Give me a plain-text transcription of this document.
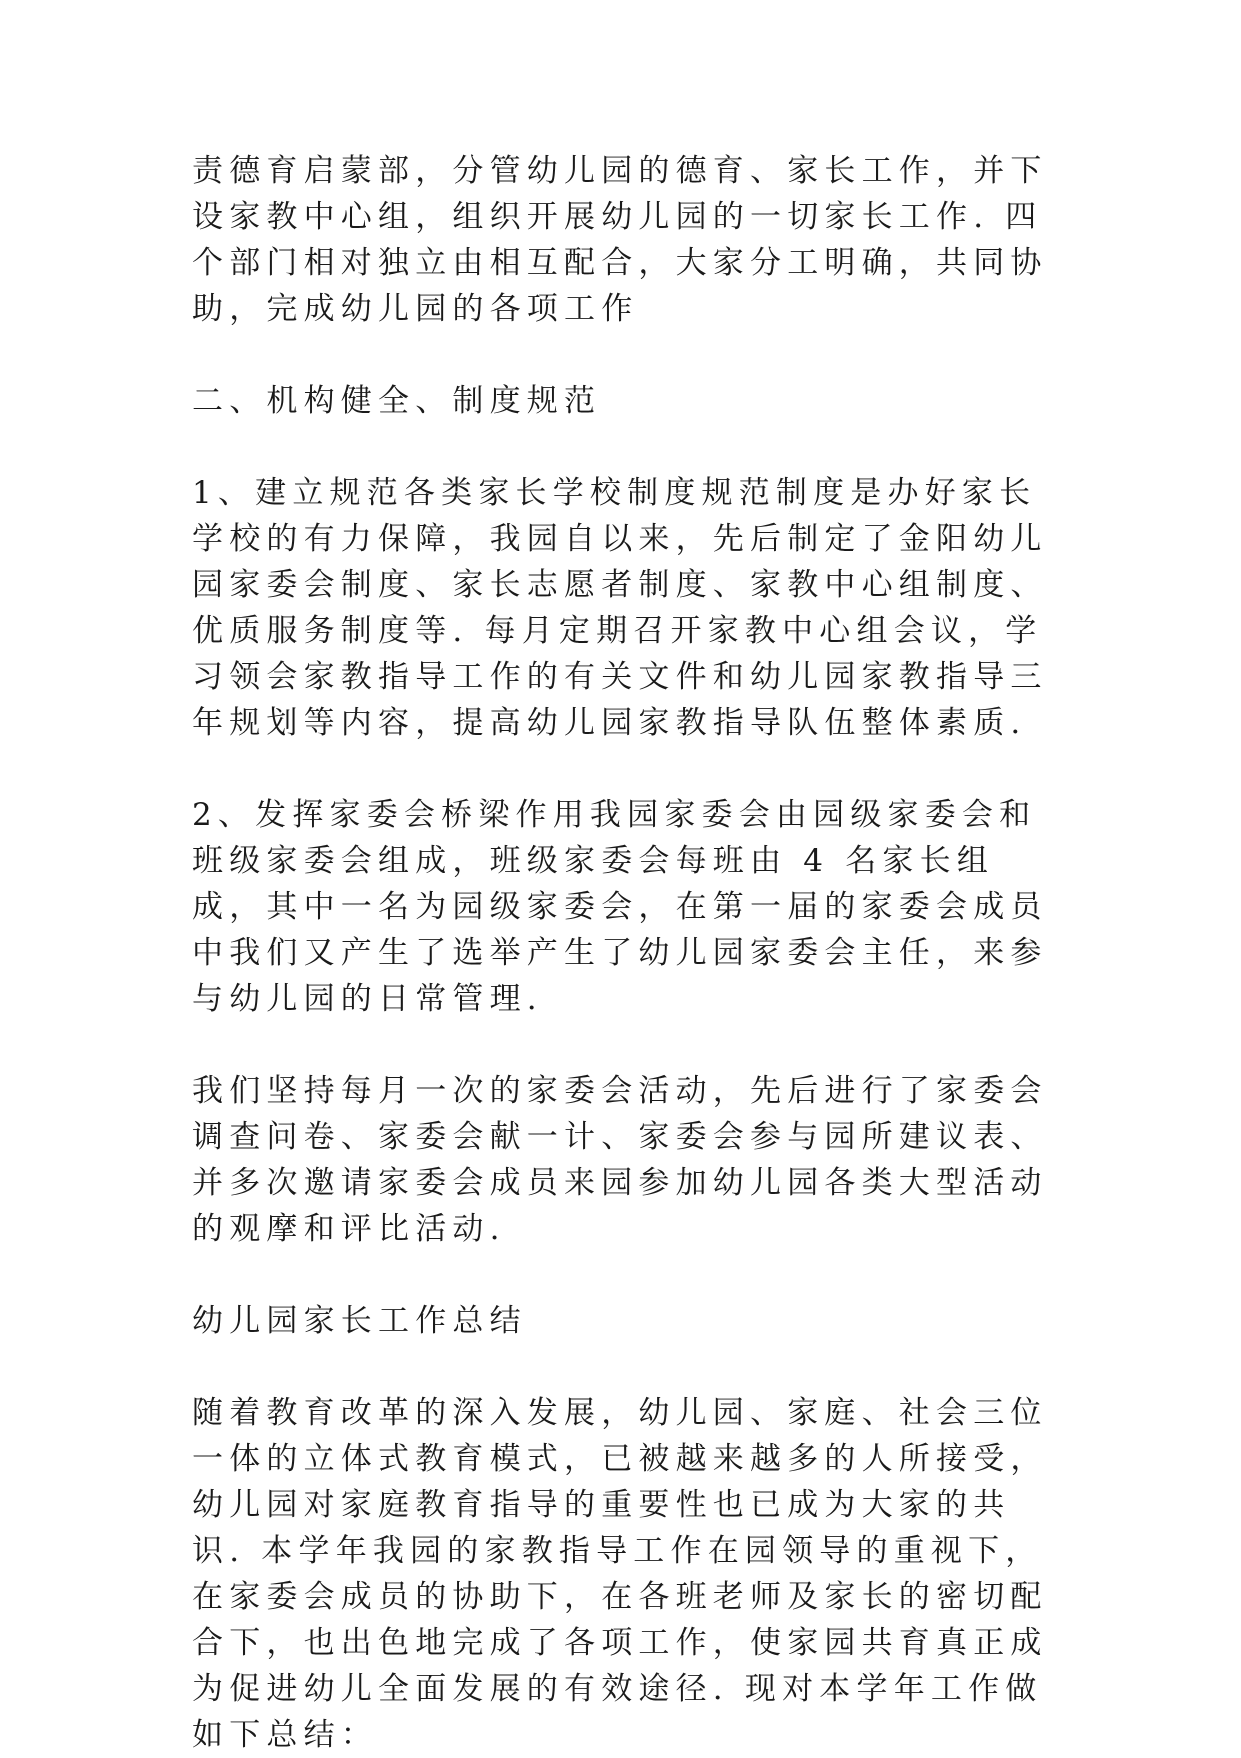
责德育启蒙部，分管幼儿园的德育、家长工作，并下设家教中心组，组织开展幼儿园的一切家长工作. 四个部门相对独立由相互配合，大家分工明确，共同协助，完成幼儿园的各项工作

二、机构健全、制度规范

1、建立规范各类家长学校制度规范制度是办好家长学校的有力保障，我园自以来，先后制定了金阳幼儿园家委会制度、家长志愿者制度、家教中心组制度、优质服务制度等. 每月定期召开家教中心组会议，学习领会家教指导工作的有关文件和幼儿园家教指导三年规划等内容，提高幼儿园家教指导队伍整体素质.

2、发挥家委会桥梁作用我园家委会由园级家委会和班级家委会组成，班级家委会每班由 4 名家长组成，其中一名为园级家委会，在第一届的家委会成员中我们又产生了选举产生了幼儿园家委会主任，来参与幼儿园的日常管理.

我们坚持每月一次的家委会活动，先后进行了家委会调查问卷、家委会献一计、家委会参与园所建议表、并多次邀请家委会成员来园参加幼儿园各类大型活动的观摩和评比活动.

幼儿园家长工作总结

随着教育改革的深入发展，幼儿园、家庭、社会三位一体的立体式教育模式，已被越来越多的人所接受，幼儿园对家庭教育指导的重要性也已成为大家的共识. 本学年我园的家教指导工作在园领导的重视下，在家委会成员的协助下，在各班老师及家长的密切配合下，也出色地完成了各项工作，使家园共育真正成为促进幼儿全面发展的有效途径. 现对本学年工作做如下总结：
